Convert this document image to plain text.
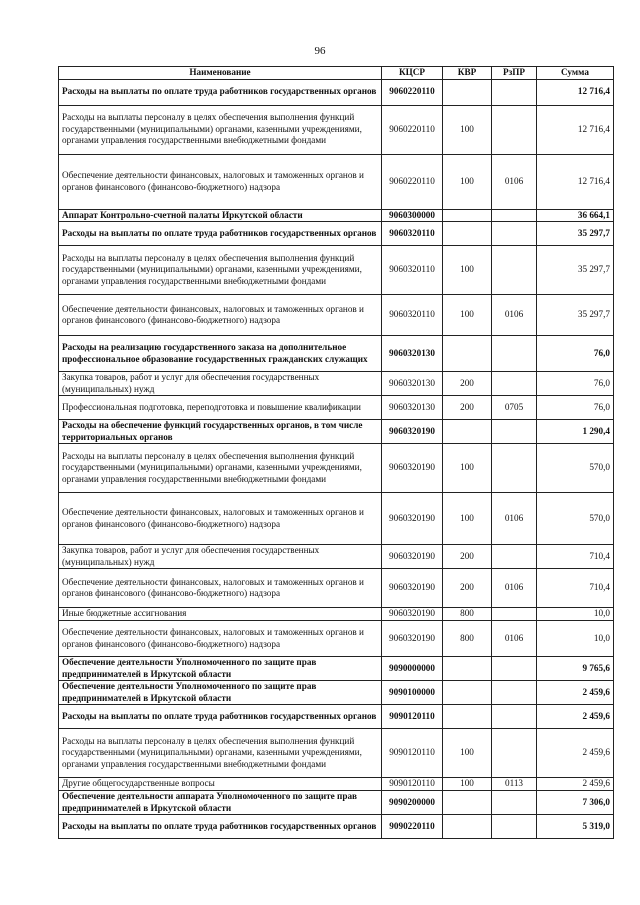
96
Наименование	КЦСР	КВР	РзПР	Сумма
Расходы на выплаты по оплате труда работников государственных органов	9060220110			12 716,4
Расходы на выплаты персоналу в целях обеспечения выполнения функций государственными (муниципальными) органами, казенными учреждениями, органами управления государственными внебюджетными фондами	9060220110	100		12 716,4
Обеспечение деятельности финансовых, налоговых и таможенных органов и органов финансового (финансово-бюджетного) надзора	9060220110	100	0106	12 716,4
Аппарат Контрольно-счетной палаты Иркутской области	9060300000			36 664,1
Расходы на выплаты по оплате труда работников государственных органов	9060320110			35 297,7
Расходы на выплаты персоналу в целях обеспечения выполнения функций государственными (муниципальными) органами, казенными учреждениями, органами управления государственными внебюджетными фондами	9060320110	100		35 297,7
Обеспечение деятельности финансовых, налоговых и таможенных органов и органов финансового (финансово-бюджетного) надзора	9060320110	100	0106	35 297,7
Расходы на реализацию государственного заказа на дополнительное профессиональное образование государственных гражданских служащих	9060320130			76,0
Закупка товаров, работ и услуг для обеспечения государственных (муниципальных) нужд	9060320130	200		76,0
Профессиональная подготовка, переподготовка и повышение квалификации	9060320130	200	0705	76,0
Расходы на обеспечение функций государственных органов, в том числе территориальных органов	9060320190			1 290,4
Расходы на выплаты персоналу в целях обеспечения выполнения функций государственными (муниципальными) органами, казенными учреждениями, органами управления государственными внебюджетными фондами	9060320190	100		570,0
Обеспечение деятельности финансовых, налоговых и таможенных органов и органов финансового (финансово-бюджетного) надзора	9060320190	100	0106	570,0
Закупка товаров, работ и услуг для обеспечения государственных (муниципальных) нужд	9060320190	200		710,4
Обеспечение деятельности финансовых, налоговых и таможенных органов и органов финансового (финансово-бюджетного) надзора	9060320190	200	0106	710,4
Иные бюджетные ассигнования	9060320190	800		10,0
Обеспечение деятельности финансовых, налоговых и таможенных органов и органов финансового (финансово-бюджетного) надзора	9060320190	800	0106	10,0
Обеспечение деятельности Уполномоченного по защите прав предпринимателей в Иркутской области	9090000000			9 765,6
Обеспечение деятельности Уполномоченного по защите прав предпринимателей в Иркутской области	9090100000			2 459,6
Расходы на выплаты по оплате труда работников государственных органов	9090120110			2 459,6
Расходы на выплаты персоналу в целях обеспечения выполнения функций государственными (муниципальными) органами, казенными учреждениями, органами управления государственными внебюджетными фондами	9090120110	100		2 459,6
Другие общегосударственные вопросы	9090120110	100	0113	2 459,6
Обеспечение деятельности аппарата Уполномоченного по защите прав предпринимателей в Иркутской области	9090200000			7 306,0
Расходы на выплаты по оплате труда работников государственных органов	9090220110			5 319,0
